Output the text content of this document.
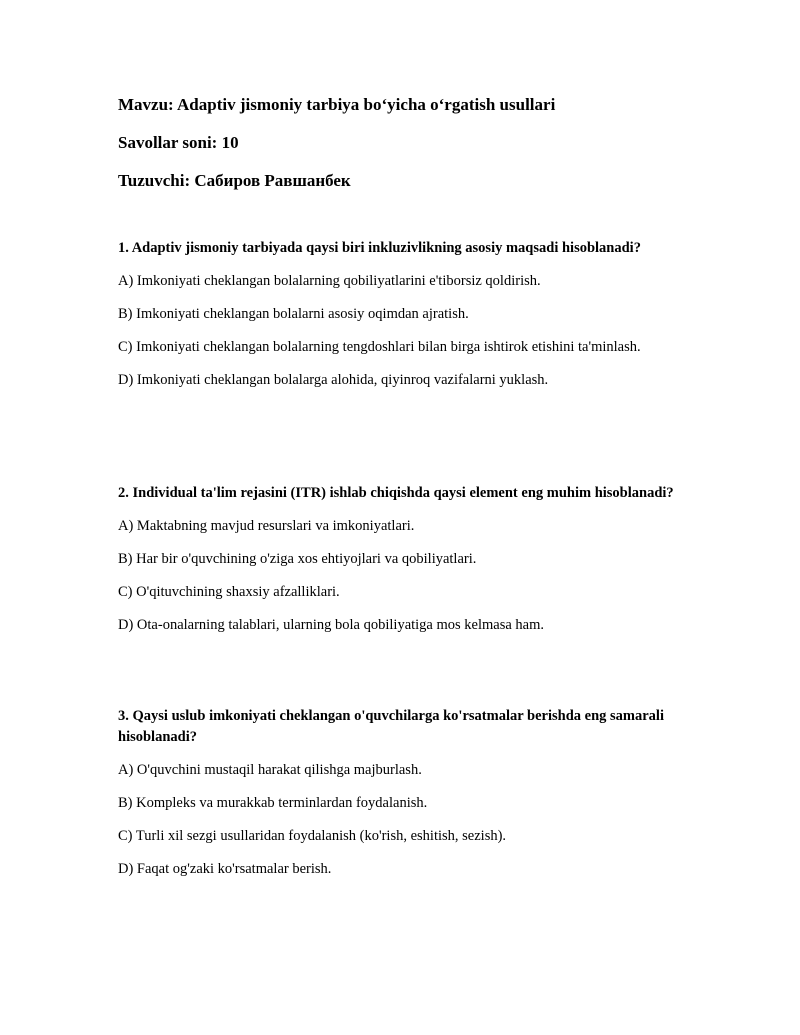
Mavzu: Adaptiv jismoniy tarbiya bo‘yicha o‘rgatish usullari
Savollar soni: 10
Tuzuvchi: Сабиров Равшанбек

1. Adaptiv jismoniy tarbiyada qaysi biri inkluzivlikning asosiy maqsadi hisoblanadi?

A) Imkoniyati cheklangan bolalarning qobiliyatlarini e'tiborsiz qoldirish.

B) Imkoniyati cheklangan bolalarni asosiy oqimdan ajratish.

C) Imkoniyati cheklangan bolalarning tengdoshlari bilan birga ishtirok etishini ta'minlash.

D) Imkoniyati cheklangan bolalarga alohida, qiyinroq vazifalarni yuklash.

2. Individual ta'lim rejasini (ITR) ishlab chiqishda qaysi element eng muhim hisoblanadi?

A) Maktabning mavjud resurslari va imkoniyatlari.

B) Har bir o'quvchining o'ziga xos ehtiyojlari va qobiliyatlari.

C) O'qituvchining shaxsiy afzalliklari.

D) Ota-onalarning talablari, ularning bola qobiliyatiga mos kelmasa ham.

3. Qaysi uslub imkoniyati cheklangan o'quvchilarga ko'rsatmalar berishda eng samarali hisoblanadi?

A) O'quvchini mustaqil harakat qilishga majburlash.

B) Kompleks va murakkab terminlardan foydalanish.

C) Turli xil sezgi usullaridan foydalanish (ko'rish, eshitish, sezish).

D) Faqat og'zaki ko'rsatmalar berish.
